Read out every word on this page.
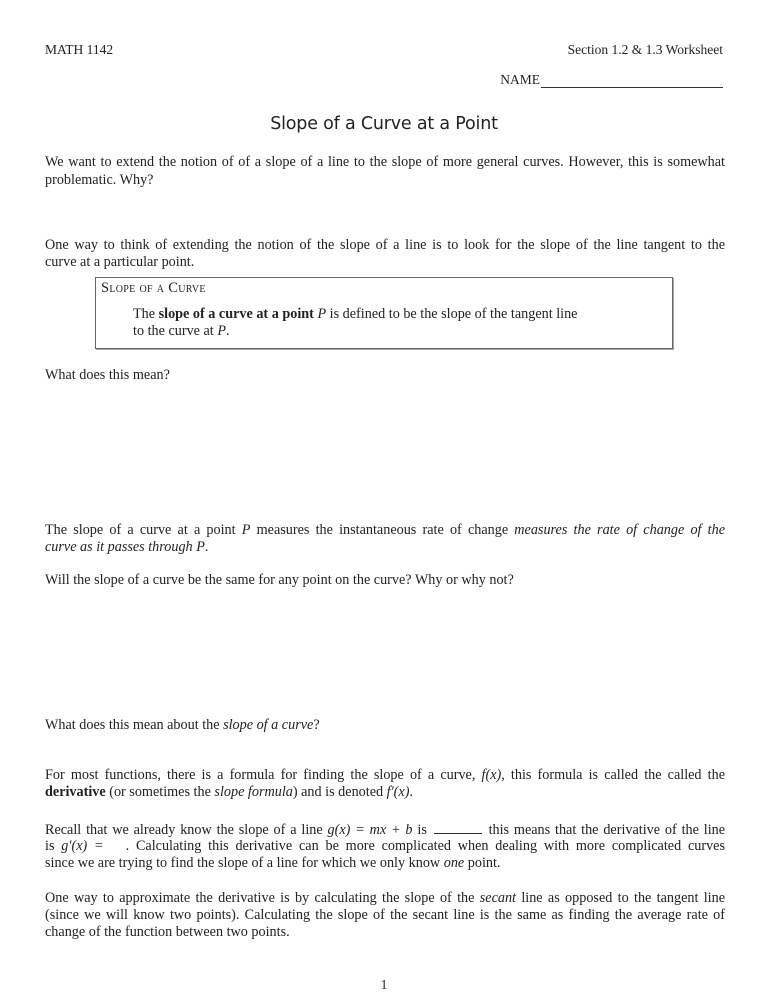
MATH 1142	Section 1.2 & 1.3 Worksheet
NAME
Slope of a Curve at a Point
We want to extend the notion of of a slope of a line to the slope of more general curves. However, this is somewhat
problematic. Why?
One way to think of extending the notion of the slope of a line is to look for the slope of the line tangent to the
curve at a particular point.
Slope of a Curve
The slope of a curve at a point P is defined to be the slope of the tangent line
to the curve at P.
What does this mean?
The slope of a curve at a point P measures the instantaneous rate of change measures the rate of change of the
curve as it passes through P.
Will the slope of a curve be the same for any point on the curve? Why or why not?
What does this mean about the slope of a curve?
For most functions, there is a formula for finding the slope of a curve, f(x), this formula is called the called the
derivative (or sometimes the slope formula) and is denoted f′(x).
Recall that we already know the slope of a line g(x) = mx + b is	this means that the derivative of the line
is g′(x) = . Calculating this derivative can be more complicated when dealing with more complicated curves
since we are trying to find the slope of a line for which we only know one point.
One way to approximate the derivative is by calculating the slope of the secant line as opposed to the tangent line
(since we will know two points). Calculating the slope of the secant line is the same as finding the average rate of
change of the function between two points.
1
